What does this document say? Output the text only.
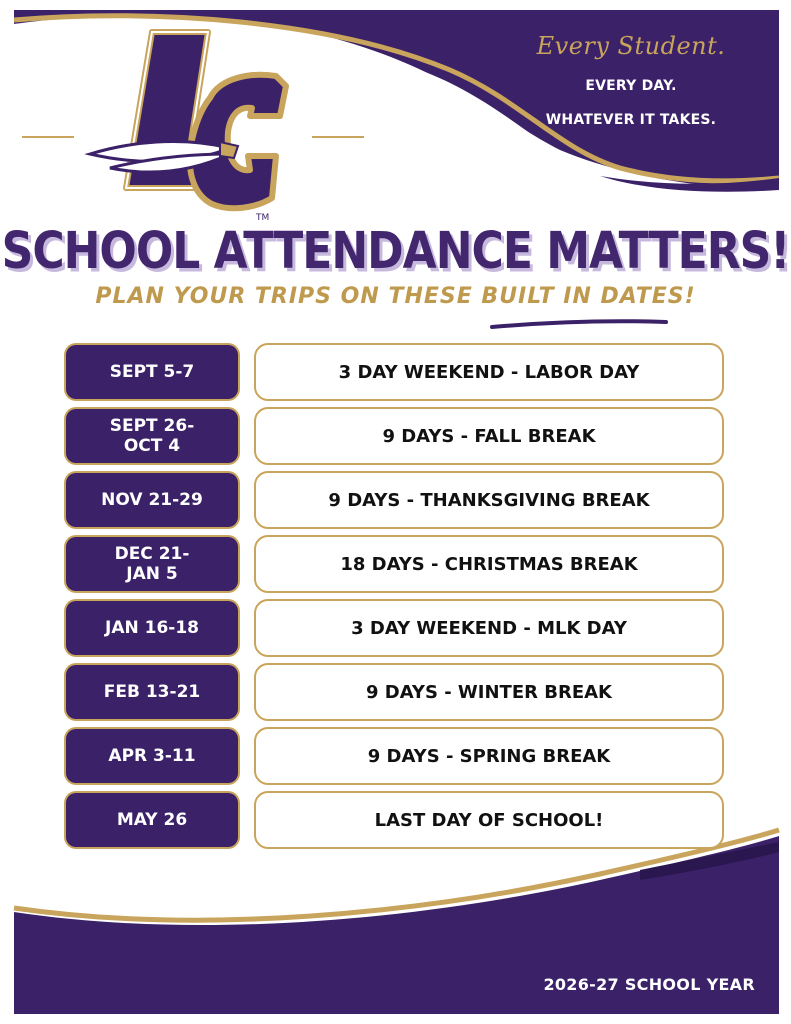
TM
Every Student.
EVERY DAY.
WHATEVER IT TAKES.
SCHOOL ATTENDANCE MATTERS!
PLAN YOUR TRIPS ON THESE BUILT IN DATES!
SEPT 5-7	3 DAY WEEKEND - LABOR DAY
SEPT 26-
OCT 4	9 DAYS - FALL BREAK
NOV 21-29	9 DAYS - THANKSGIVING BREAK
DEC 21-
JAN 5	18 DAYS - CHRISTMAS BREAK
JAN 16-18	3 DAY WEEKEND - MLK DAY
FEB 13-21	9 DAYS - WINTER BREAK
APR 3-11	9 DAYS - SPRING BREAK
MAY 26	LAST DAY OF SCHOOL!
2026-27 SCHOOL YEAR
